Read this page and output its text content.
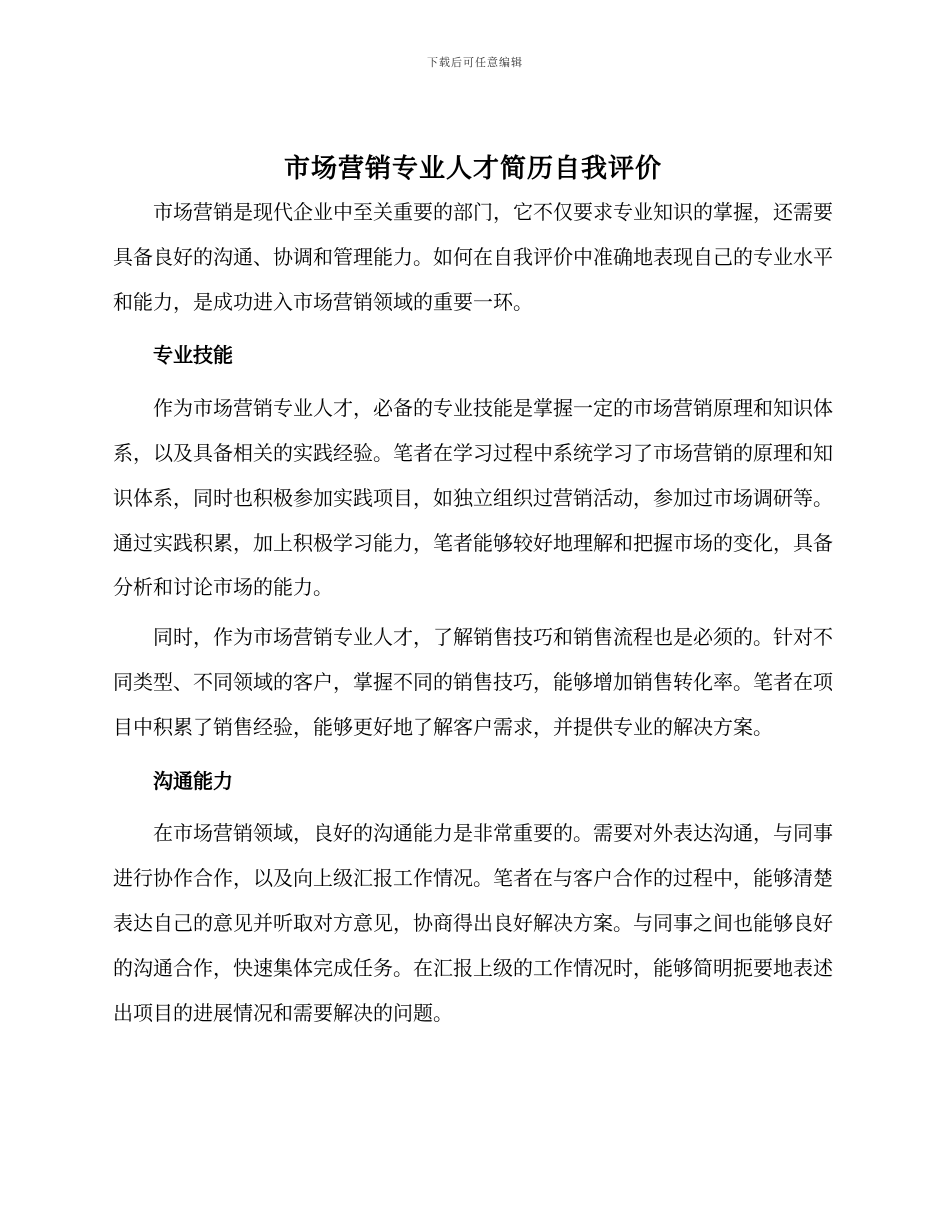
下载后可任意编辑
市场营销专业人才简历自我评价

市场营销是现代企业中至关重要的部门，它不仅要求专业知识的掌握，还需要具备良好的沟通、协调和管理能力。如何在自我评价中准确地表现自己的专业水平和能力，是成功进入市场营销领域的重要一环。

专业技能

作为市场营销专业人才，必备的专业技能是掌握一定的市场营销原理和知识体系，以及具备相关的实践经验。笔者在学习过程中系统学习了市场营销的原理和知识体系，同时也积极参加实践项目，如独立组织过营销活动，参加过市场调研等。通过实践积累，加上积极学习能力，笔者能够较好地理解和把握市场的变化，具备分析和讨论市场的能力。

同时，作为市场营销专业人才，了解销售技巧和销售流程也是必须的。针对不同类型、不同领域的客户，掌握不同的销售技巧，能够增加销售转化率。笔者在项目中积累了销售经验，能够更好地了解客户需求，并提供专业的解决方案。

沟通能力

在市场营销领域，良好的沟通能力是非常重要的。需要对外表达沟通，与同事进行协作合作，以及向上级汇报工作情况。笔者在与客户合作的过程中，能够清楚表达自己的意见并听取对方意见，协商得出良好解决方案。与同事之间也能够良好的沟通合作，快速集体完成任务。在汇报上级的工作情况时，能够简明扼要地表述出项目的进展情况和需要解决的问题。
